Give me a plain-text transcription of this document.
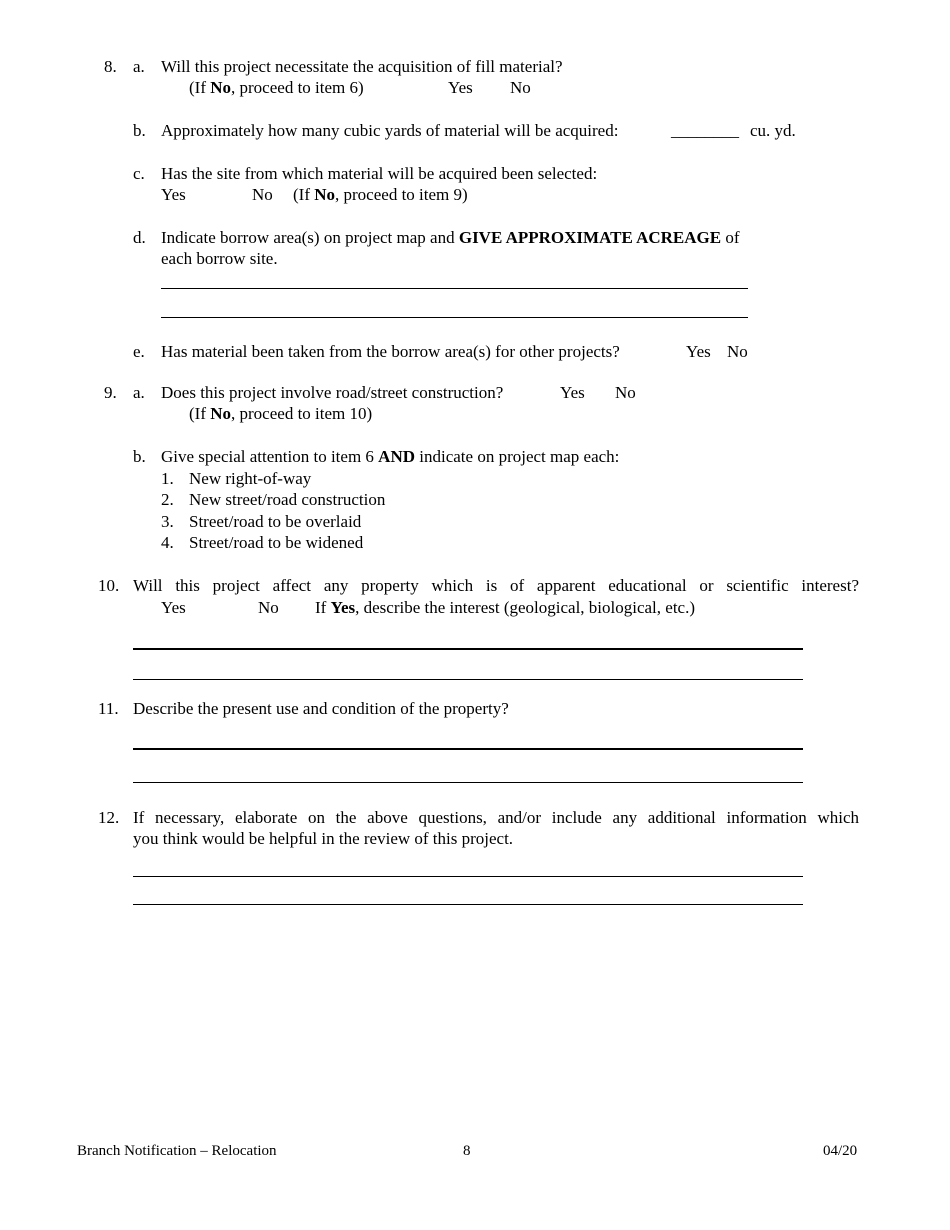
8. a. Will this project necessitate the acquisition of fill material?
(If No, proceed to item 6)	Yes No
b. Approximately how many cubic yards of material will be acquired:	________ cu. yd.
c. Has the site from which material will be acquired been selected:
Yes	No (If No, proceed to item 9)
d. Indicate borrow area(s) on project map and GIVE APPROXIMATE ACREAGE of
each borrow site.
e. Has material been taken from the borrow area(s) for other projects?	Yes No
9. a. Does this project involve road/street construction?	Yes No
(If No, proceed to item 10)
b. Give special attention to item 6 AND indicate on project map each:
1. New right-of-way
2. New street/road construction
3. Street/road to be overlaid
4. Street/road to be widened
10. Will this project affect any property which is of apparent educational or scientific interest?
Yes	No If Yes, describe the interest (geological, biological, etc.)
11. Describe the present use and condition of the property?
12. If necessary, elaborate on the above questions, and/or include any additional information which
you think would be helpful in the review of this project.
Branch Notification – Relocation	8	04/20
